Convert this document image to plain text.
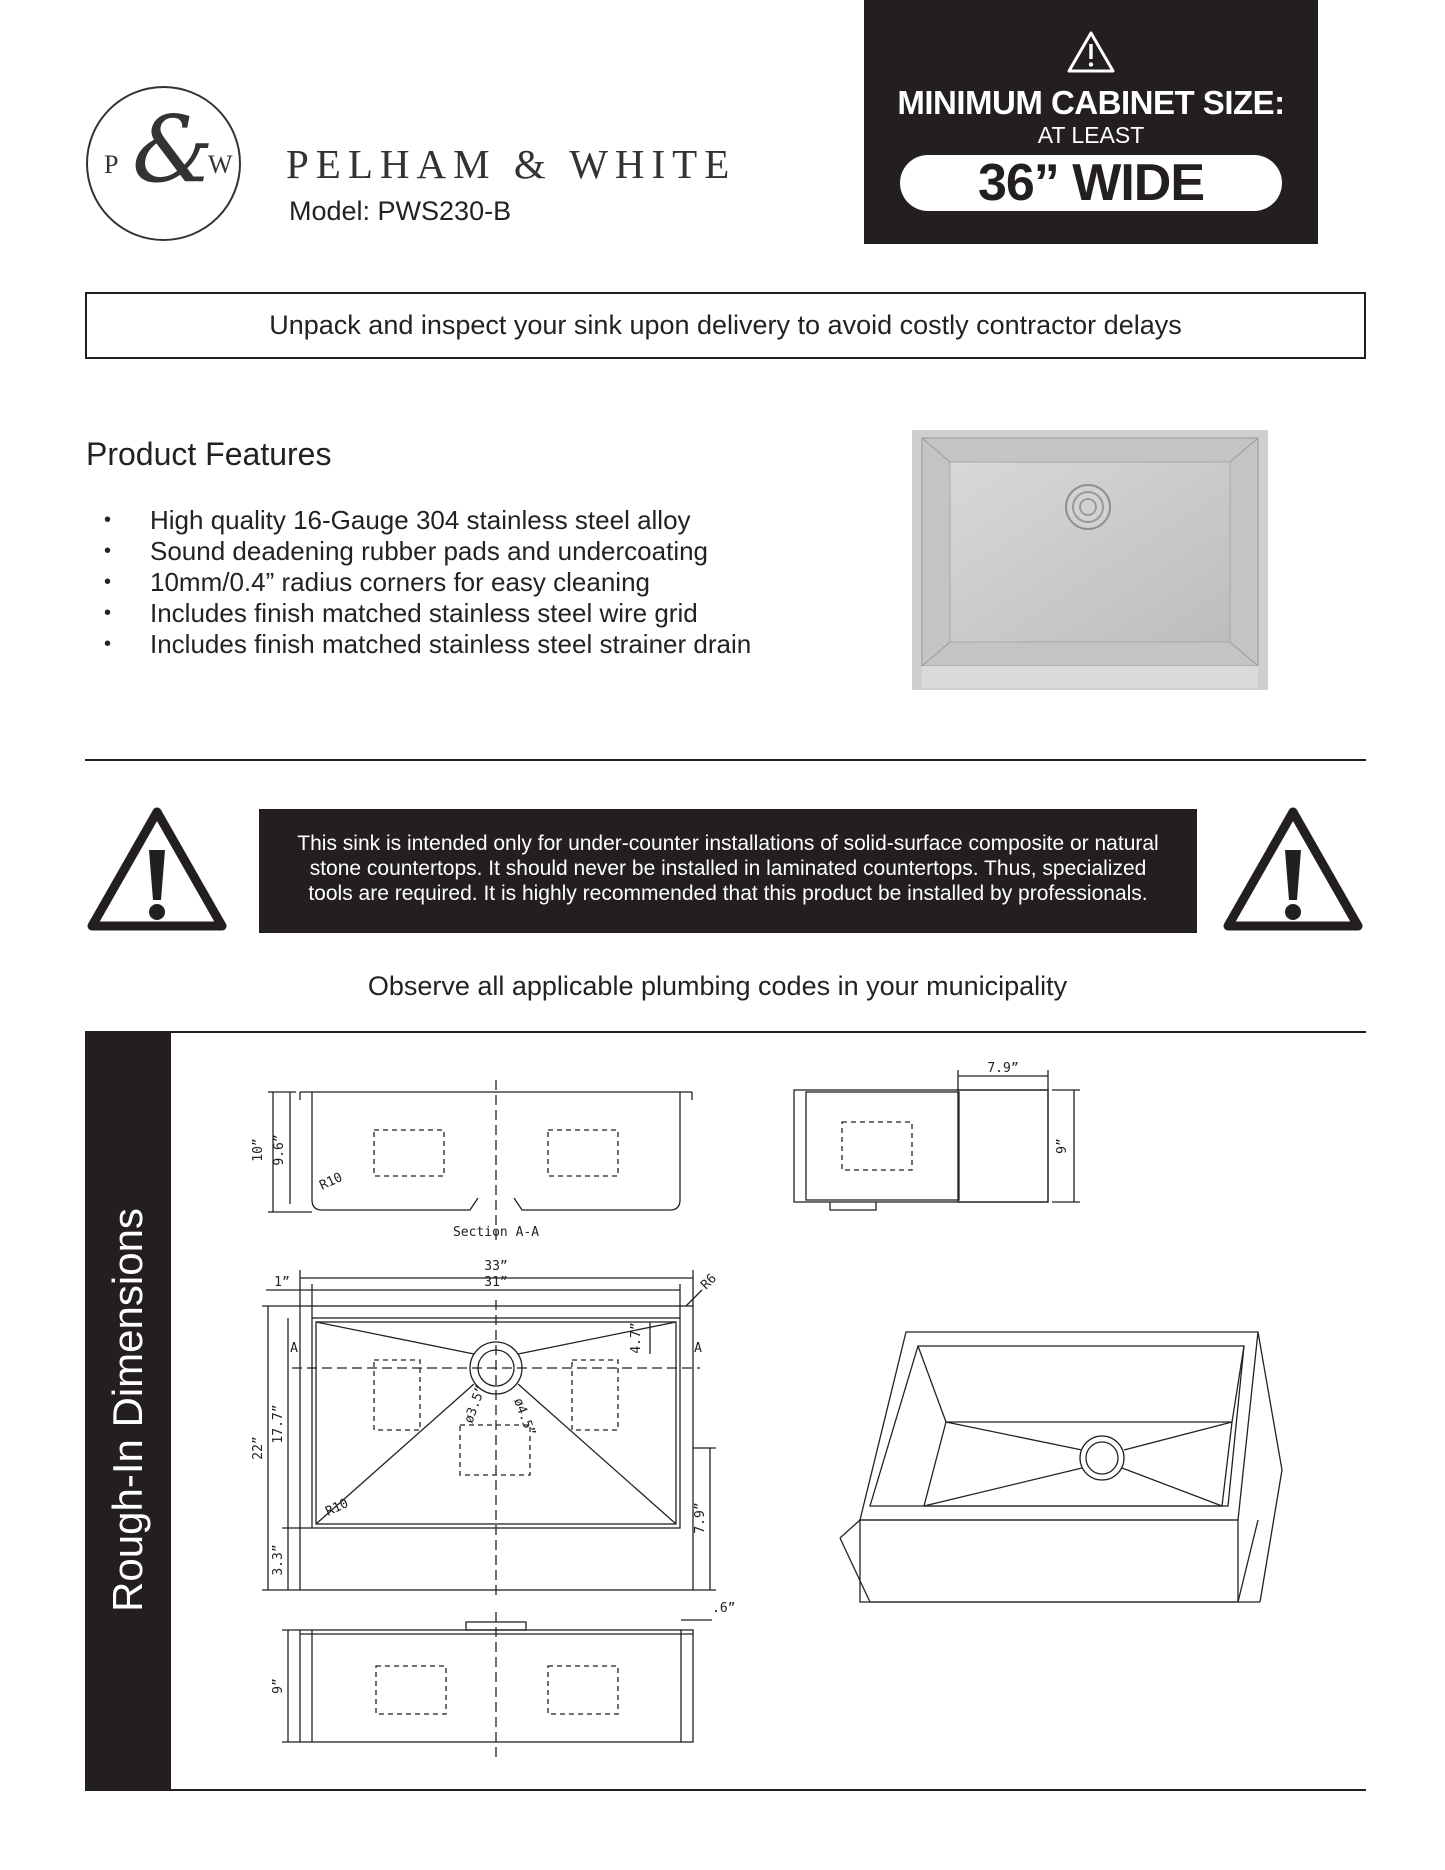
P &
W PELHAM & WHITE
Model: PWS230-B
MINIMUM CABINET SIZE:
AT LEAST
36” WIDE
Unpack and inspect your sink upon delivery to avoid costly contractor delays
Product Features
• High quality 16-Gauge 304 stainless steel alloy
• Sound deadening rubber pads and undercoating
• 10mm/0.4” radius corners for easy cleaning
• Includes finish matched stainless steel wire grid
• Includes finish matched stainless steel strainer drain
This sink is intended only for under-counter installations of solid-surface composite or natural
stone countertops. It should never be installed in laminated countertops. Thus, specialized
tools are required. It is highly recommended that this product be installed by professionals.
Observe all applicable plumbing codes in your municipality
Rough-In Dimensions
10” 9.6”
R10
Section A-A
7.9”
9”
33”
31”
1”	R6
4.7”
22”
17.7”
3.3”
ø3.5” ø4.5”
R10	7.9”
9”
.6”
A	A
